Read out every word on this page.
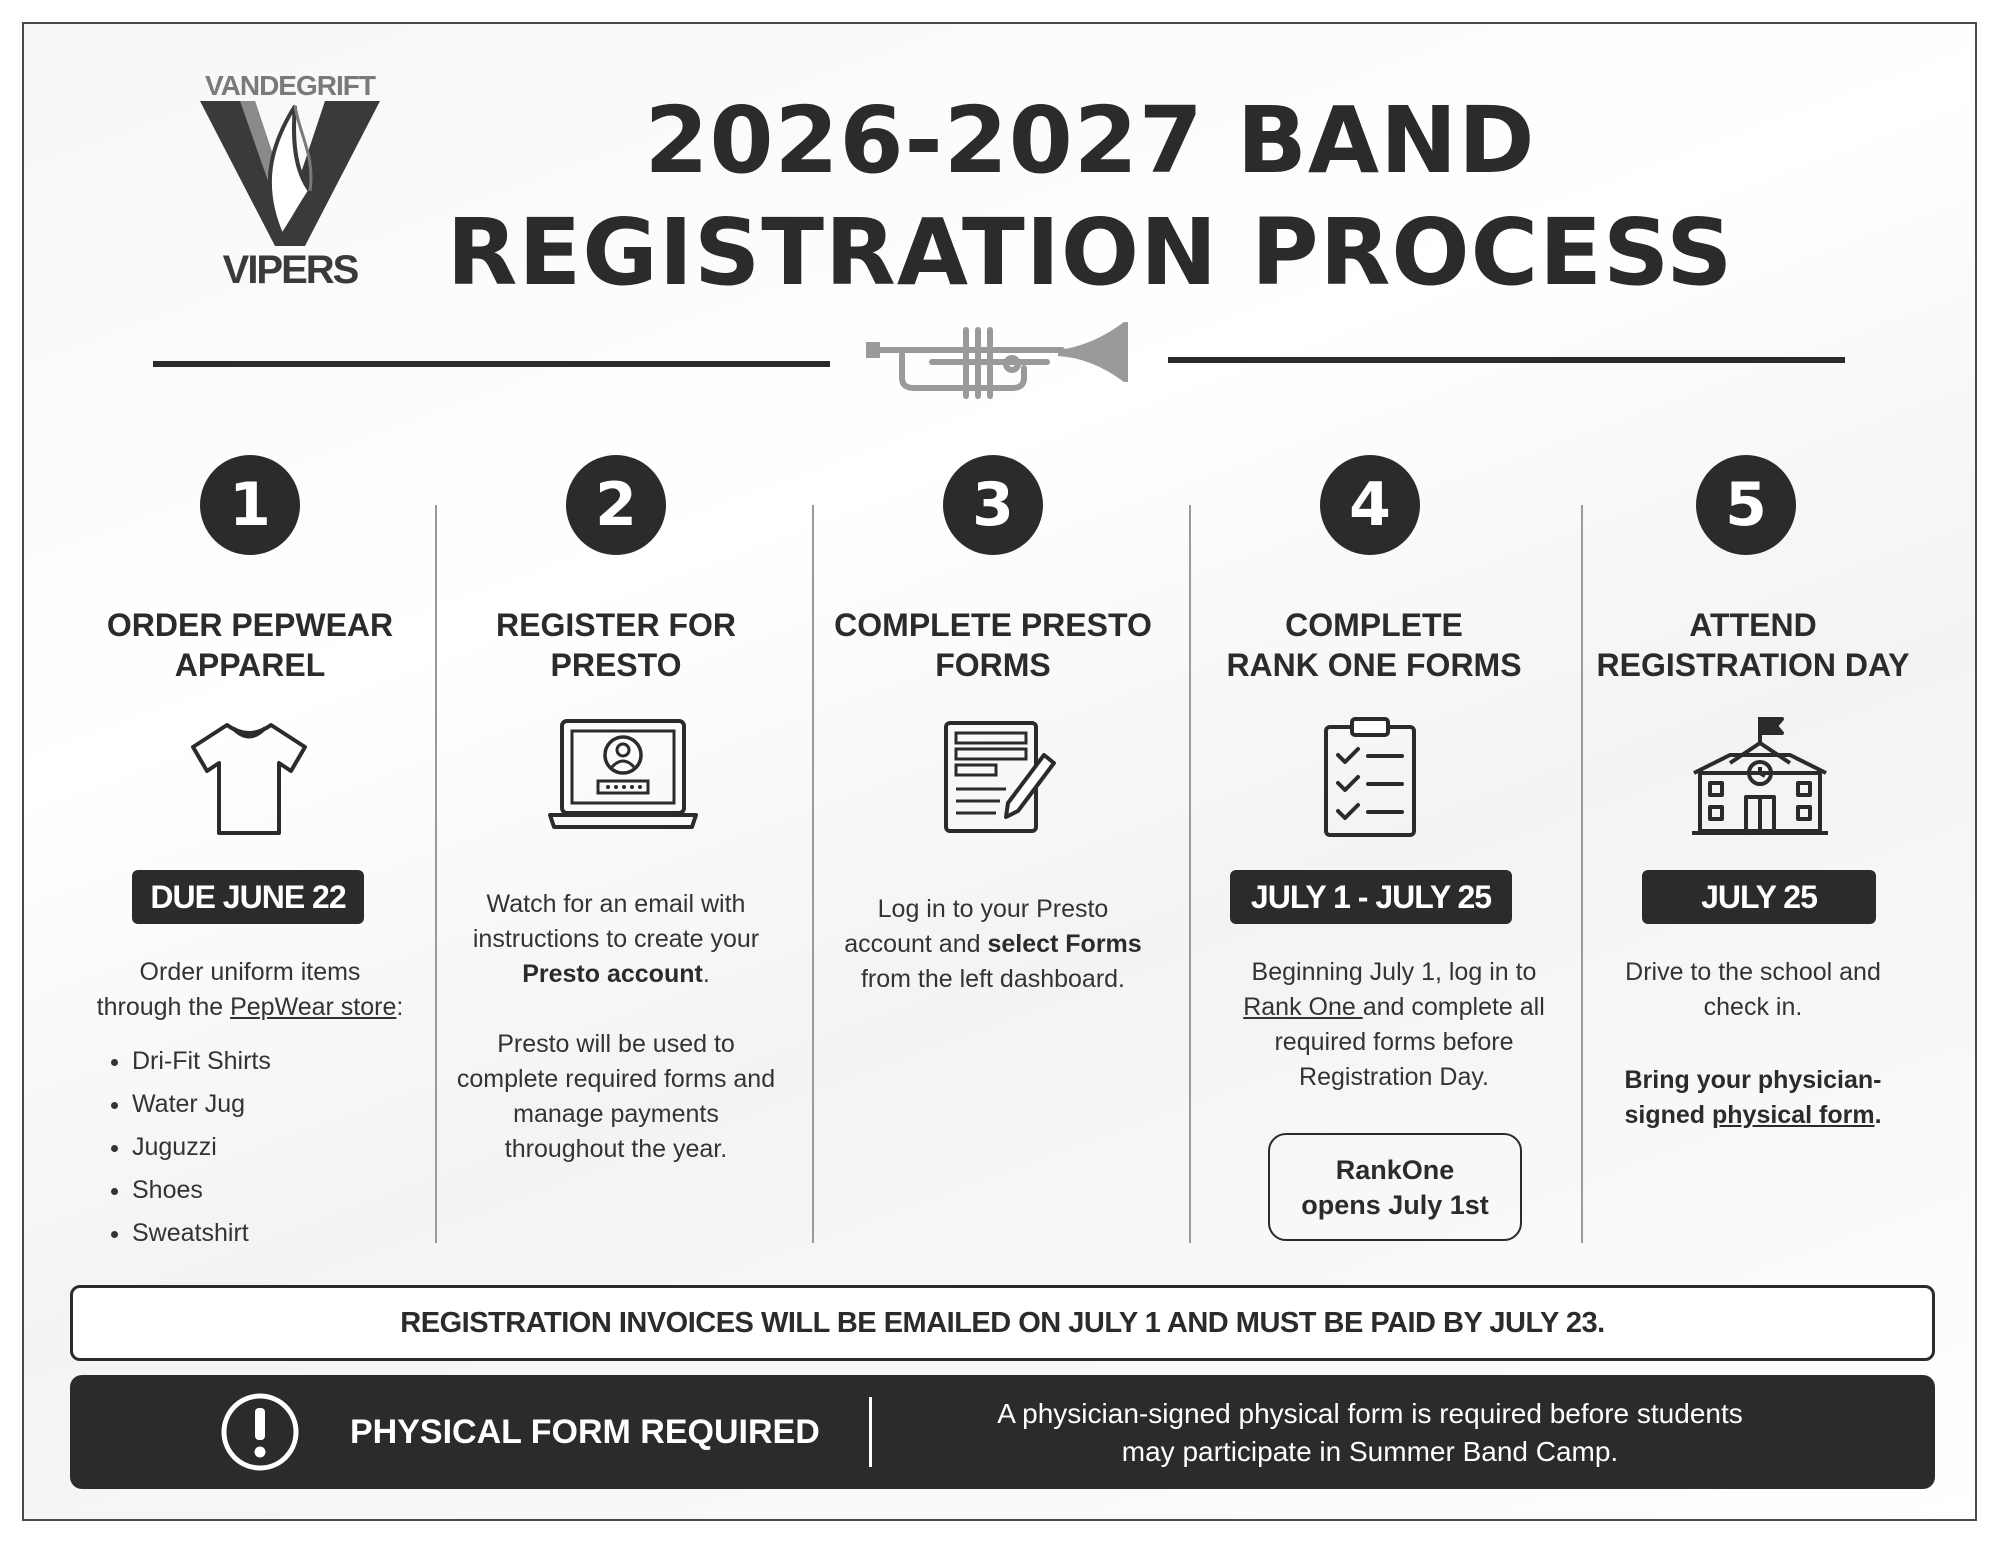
VANDEGRIFT
VIPERS
2026-2027 BAND
REGISTRATION PROCESS
1
ORDER PEPWEAR
APPAREL
DUE JUNE 22
Order uniform items
through the PepWear store:
• Dri-Fit Shirts
• Water Jug
• Juguzzi
• Shoes
• Sweatshirt
2
REGISTER FOR
PRESTO
Watch for an email with
instructions to create your
Presto account.
Presto will be used to
complete required forms and
manage payments
throughout the year.
3
COMPLETE PRESTO
FORMS
Log in to your Presto
account and select Forms
from the left dashboard.
4
COMPLETE
RANK ONE FORMS
JULY 1 - JULY 25
Beginning July 1, log in to
Rank One and complete all
required forms before
Registration Day.
RankOne
opens July 1st
5
ATTEND
REGISTRATION DAY
JULY 25
Drive to the school and
check in.
Bring your physician-
signed physical form.
REGISTRATION INVOICES WILL BE EMAILED ON JULY 1 AND MUST BE PAID BY JULY 23.
PHYSICAL FORM REQUIRED	A physician-signed physical form is required before students
may participate in Summer Band Camp.
